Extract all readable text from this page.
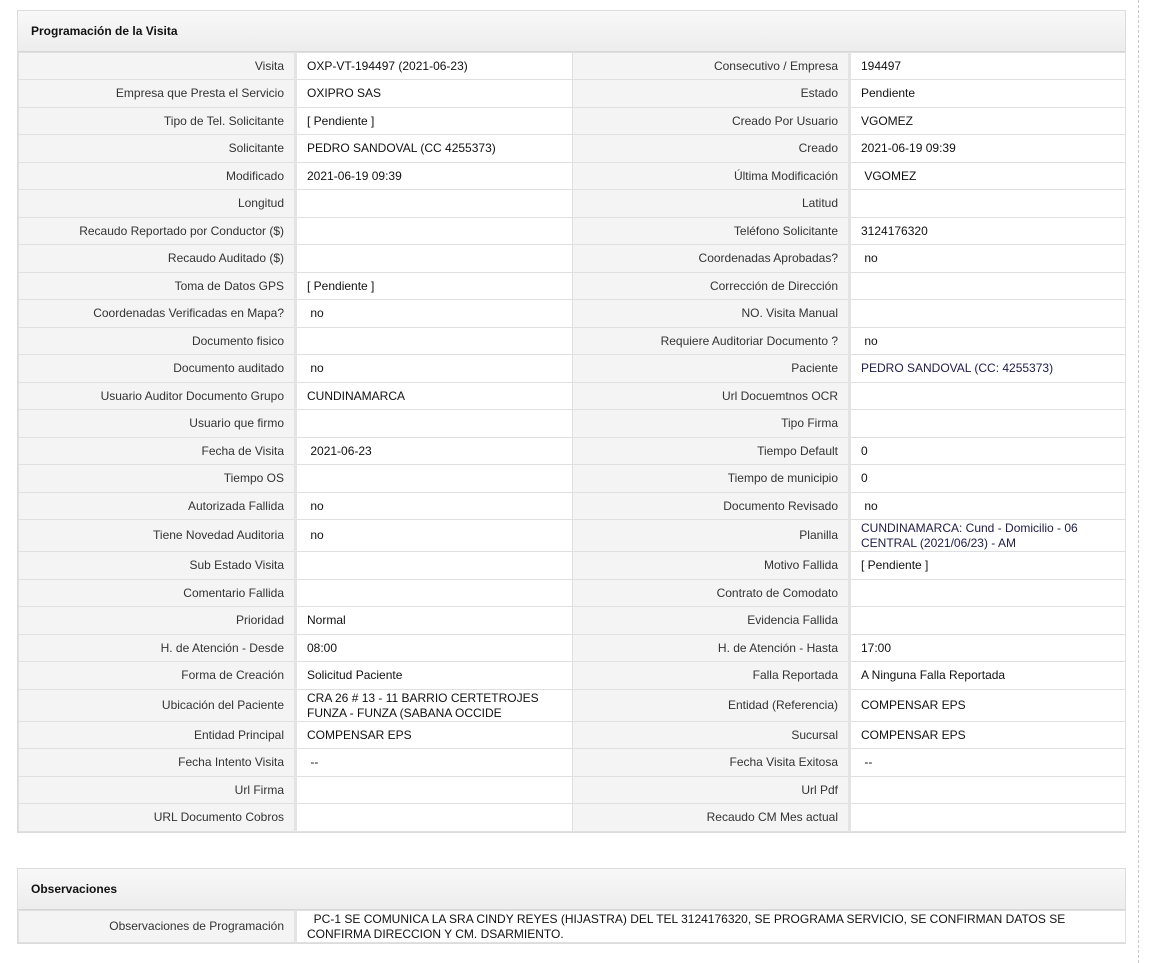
Programación de la Visita
Visita	OXP-VT-194497 (2021-06-23)	Consecutivo / Empresa	194497
Empresa que Presta el Servicio	OXIPRO SAS	Estado	Pendiente
Tipo de Tel. Solicitante	[ Pendiente ]	Creado Por Usuario	VGOMEZ
Solicitante	PEDRO SANDOVAL (CC 4255373)	Creado	2021-06-19 09:39
Modificado	2021-06-19 09:39	Última Modificación	VGOMEZ
Longitud		Latitud	
Recaudo Reportado por Conductor ($)		Teléfono Solicitante	3124176320
Recaudo Auditado ($)		Coordenadas Aprobadas?	no
Toma de Datos GPS	[ Pendiente ]	Corrección de Dirección	
Coordenadas Verificadas en Mapa?	no	NO. Visita Manual	
Documento fisico		Requiere Auditoriar Documento ?	no
Documento auditado	no	Paciente	PEDRO SANDOVAL (CC: 4255373)
Usuario Auditor Documento Grupo	CUNDINAMARCA	Url Docuemtnos OCR	
Usuario que firmo		Tipo Firma	
Fecha de Visita	2021-06-23	Tiempo Default	0
Tiempo OS		Tiempo de municipio	0
Autorizada Fallida	no	Documento Revisado	no
Tiene Novedad Auditoria	no	Planilla	CUNDINAMARCA: Cund - Domicilio - 06 CENTRAL (2021/06/23) - AM
Sub Estado Visita		Motivo Fallida	[ Pendiente ]
Comentario Fallida		Contrato de Comodato	
Prioridad	Normal	Evidencia Fallida	
H. de Atención - Desde	08:00	H. de Atención - Hasta	17:00
Forma de Creación	Solicitud Paciente	Falla Reportada	A Ninguna Falla Reportada
Ubicación del Paciente	CRA 26 # 13 - 11 BARRIO CERTETROJES FUNZA - FUNZA (SABANA OCCIDE	Entidad (Referencia)	COMPENSAR EPS
Entidad Principal	COMPENSAR EPS	Sucursal	COMPENSAR EPS
Fecha Intento Visita	--	Fecha Visita Exitosa	--
Url Firma		Url Pdf	
URL Documento Cobros		Recaudo CM Mes actual	
Observaciones
Observaciones de Programación	PC-1 SE COMUNICA LA SRA CINDY REYES (HIJASTRA) DEL TEL 3124176320, SE PROGRAMA SERVICIO, SE CONFIRMAN DATOS SE CONFIRMA DIRECCION Y CM. DSARMIENTO.
